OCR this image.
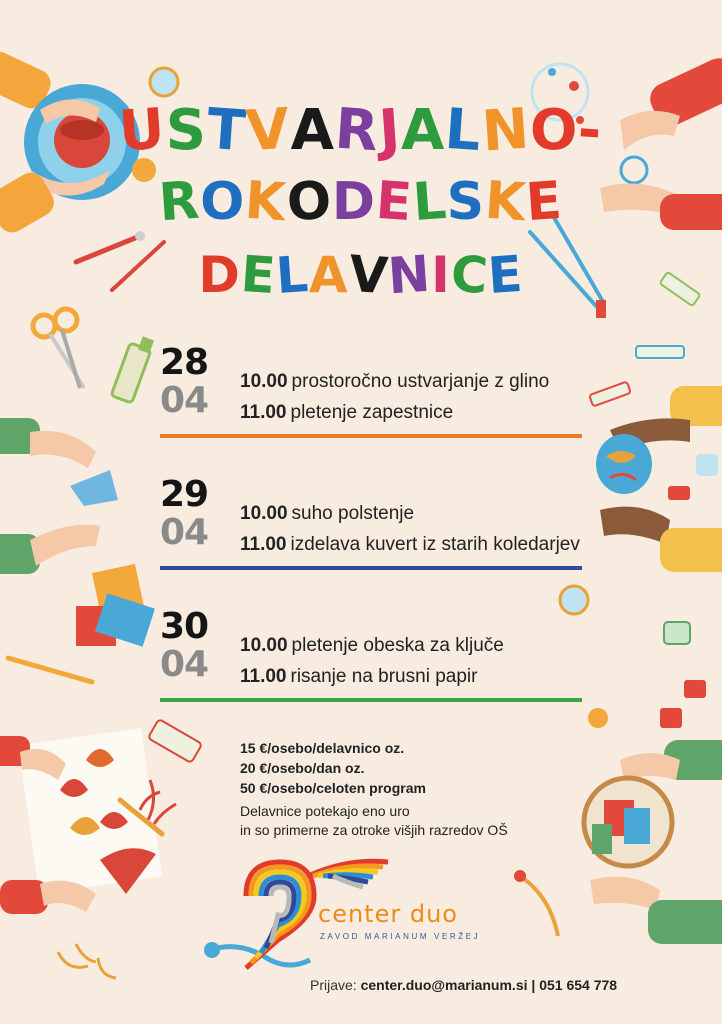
USTVARJALNO-
ROKODELSKE
DELAVNICE
28
04	10.00 prostoročno ustvarjanje z glino
11.00 pletenje zapestnice
29
04	10.00 suho polstenje
11.00 izdelava kuvert iz starih koledarjev
30
04	10.00 pletenje obeska za ključe
11.00 risanje na brusni papir
15 €/osebo/delavnico oz.
20 €/osebo/dan oz.
50 €/osebo/celoten program
Delavnice potekajo eno uro
in so primerne za otroke višjih razredov OŠ
center duo
ZAVOD MARIANUM VERŽEJ
Prijave: center.duo@marianum.si | 051 654 778
